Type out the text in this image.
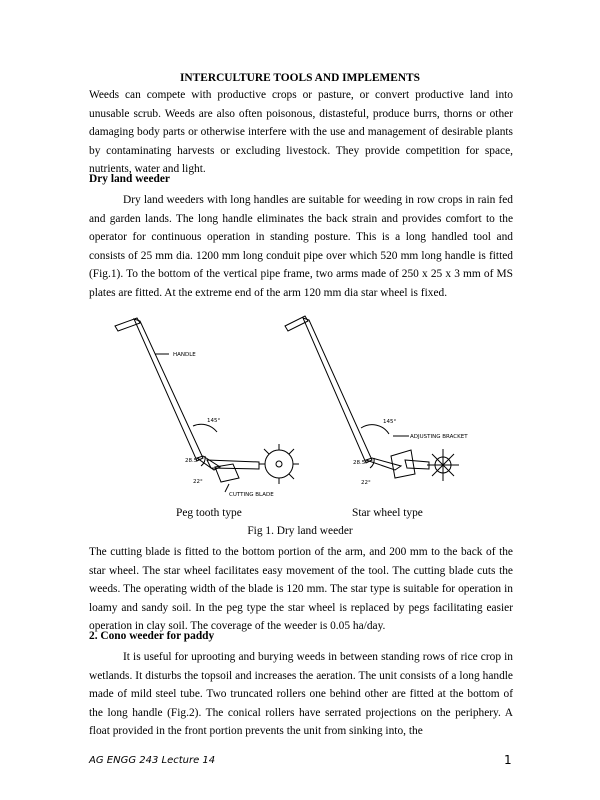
INTERCULTURE TOOLS AND IMPLEMENTS
Weeds can compete with productive crops or pasture, or convert productive land into unusable scrub. Weeds are also often poisonous, distasteful, produce burrs, thorns or other damaging body parts or otherwise interfere with the use and management of desirable plants by contaminating harvests or excluding livestock. They provide competition for space, nutrients, water and light.
Dry land weeder
Dry land weeders with long handles are suitable for weeding in row crops in rain fed and garden lands. The long handle eliminates the back strain and provides comfort to the operator for continuous operation in standing posture. This is a long handled tool and consists of 25 mm dia. 1200 mm long conduit pipe over which 520 mm long handle is fitted (Fig.1). To the bottom of the vertical pipe frame, two arms made of 250 x 25 x 3 mm of MS plates are fitted. At the extreme end of the arm 120 mm dia star wheel is fixed.
HANDLE
145°
28.5°
22°
CUTTING BLADE
145°
ADJUSTING BRACKET
28.5°
22°
Peg tooth type	Star wheel type
Fig 1. Dry land weeder
The cutting blade is fitted to the bottom portion of the arm, and 200 mm to the back of the star wheel. The star wheel facilitates easy movement of the tool. The cutting blade cuts the weeds. The operating width of the blade is 120 mm. The star type is suitable for operation in loamy and sandy soil. In the peg type the star wheel is replaced by pegs facilitating easier operation in clay soil. The coverage of the weeder is 0.05 ha/day.
2. Cono weeder for paddy
It is useful for uprooting and burying weeds in between standing rows of rice crop in wetlands. It disturbs the topsoil and increases the aeration. The unit consists of a long handle made of mild steel tube. Two truncated rollers one behind other are fitted at the bottom of the long handle (Fig.2). The conical rollers have serrated projections on the periphery. A float provided in the front portion prevents the unit from sinking into, the
AG ENGG 243 Lecture 14	1
